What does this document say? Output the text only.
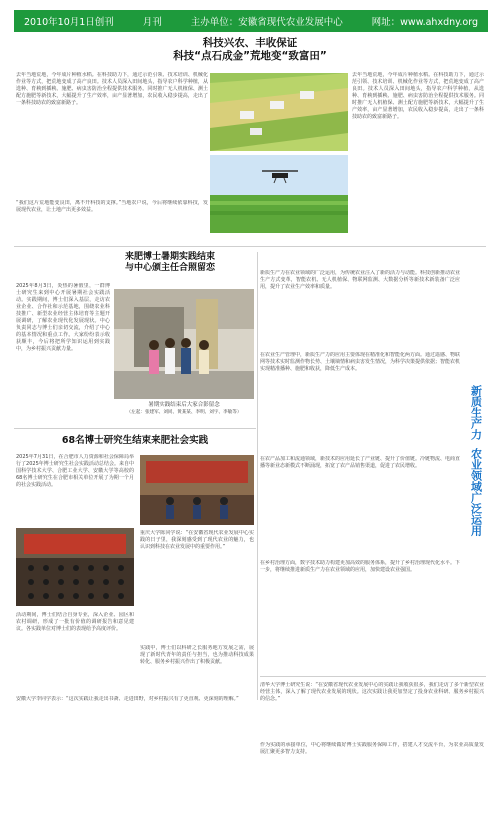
2010年10月1日创刊	月刊	主办单位：安徽省现代农业发展中心	网址：www.ahxdny.org
科技兴农、丰收保证
科技“点石成金”荒地变“致富田”
去年当地荒地，今年成片种植水稻。在科技助力下，通过示范引领、技术培训、机械化作业等方式，把荒地变成了高产良田。技术人员深入田间地头，指导农户科学种植，从选种、育秧到插秧、施肥、病虫害防治全程提供技术服务。同时推广无人机植保、测土配方施肥等新技术，大幅提升了生产效率，亩产显著增加，农民收入稳步提高，走出了一条科技助农的致富新路子。
“我们这片荒地能变良田，离不开科技的支撑。”当地农户说，今后将继续依靠科技，发展现代农业，让土地产出更多效益。
去年当地荒地，今年成片种植水稻。在科技助力下，通过示范引领、技术培训、机械化作业等方式，把荒地变成了高产良田。技术人员深入田间地头，指导农户科学种植，从选种、育秧到插秧、施肥、病虫害防治全程提供技术服务。同时推广无人机植保、测土配方施肥等新技术，大幅提升了生产效率，亩产显著增加，农民收入稳步提高，走出了一条科技助农的致富新路子。
来肥博士暑期实践结束
与中心颁主任合照留恋
2025年8月3日，炎热的暑假里，一群博士研究生来到中心开展暑期社会实践活动。实践期间，博士们深入基层，走访农业企业、合作社和示范基地，围绕农业科技推广、新型农业经营主体培育等主题开展调研，了解农业现代化发展现状。中心负责同志与博士们亲切交流，介绍了中心的基本情况和重点工作。大家纷纷表示收获颇丰，今后将把所学知识运用到实践中，为乡村振兴贡献力量。
暑期实践结束后大家合影留念
（左起：张建军、刘同、黄某某、李明、刘宇、李敏等）
新质生产力在农业领域的广泛运用，为传统农业注入了新的活力与动能。科技创新推动农业生产方式变革，智能农机、无人机植保、物联网监测、大数据分析等新技术新装备广泛应用，提升了农业生产效率和质量。
在农业生产管理中，新质生产力的应用主要体现在精准化和智能化两方面。通过遥感、物联网等技术实时监测作物长势、土壤墒情和病虫害发生情况，为科学决策提供依据；智能农机实现精准播种、施肥和收获，降低生产成本。
在农产品加工和流通领域，新技术的应用延长了产业链、提升了价值链。冷链物流、电商直播等新业态新模式不断涌现，拓宽了农产品销售渠道，促进了农民增收。
在乡村治理方面，数字技术助力构建更加高效的服务体系，提升了乡村治理现代化水平。下一步，将继续推进新质生产力在农业领域的应用，加快建设农业强国。
新质生产力
农业领域广泛运用
68名博士研究生结束来肥社会实践
2025年7月31日，在合肥市人力资源和社会保障局举行了2025年博士研究生社会实践活动总结会。来自中国科学技术大学、合肥工业大学、安徽大学等高校的68名博士研究生在合肥市相关单位开展了为期一个月的社会实践活动。
重庆大学陈同学说：“在安徽省现代农业发展中心实践的日子里，我深刻感受到了现代农业的魅力，也认识到科技在农业发展中的重要作用。”
活动期间，博士们结合自身专业，深入企业、园区和农村调研，形成了一批有价值的调研报告和意见建议。各实践单位对博士们的表现给予高度评价。
实践中，博士们以科研之长服务地方发展之需，展现了新时代青年的责任与担当，也为推动科技成果转化、服务乡村振兴作出了积极贡献。
清华大学博士研究生说：“在安徽省现代农业发展中心的实践让我收获很多，我们走访了多个新型农业经营主体，深入了解了现代农业发展的现状。这次实践让我更加坚定了投身农业科研、服务乡村振兴的信念。”
作为实践的承接单位，中心将继续做好博士实践服务保障工作，搭建人才交流平台，为农业高质量发展汇聚更多智力支持。
安徽大学李同学表示：“这次实践让我走出书斋、走进田野，对乡村振兴有了更直观、更深刻的理解。”
